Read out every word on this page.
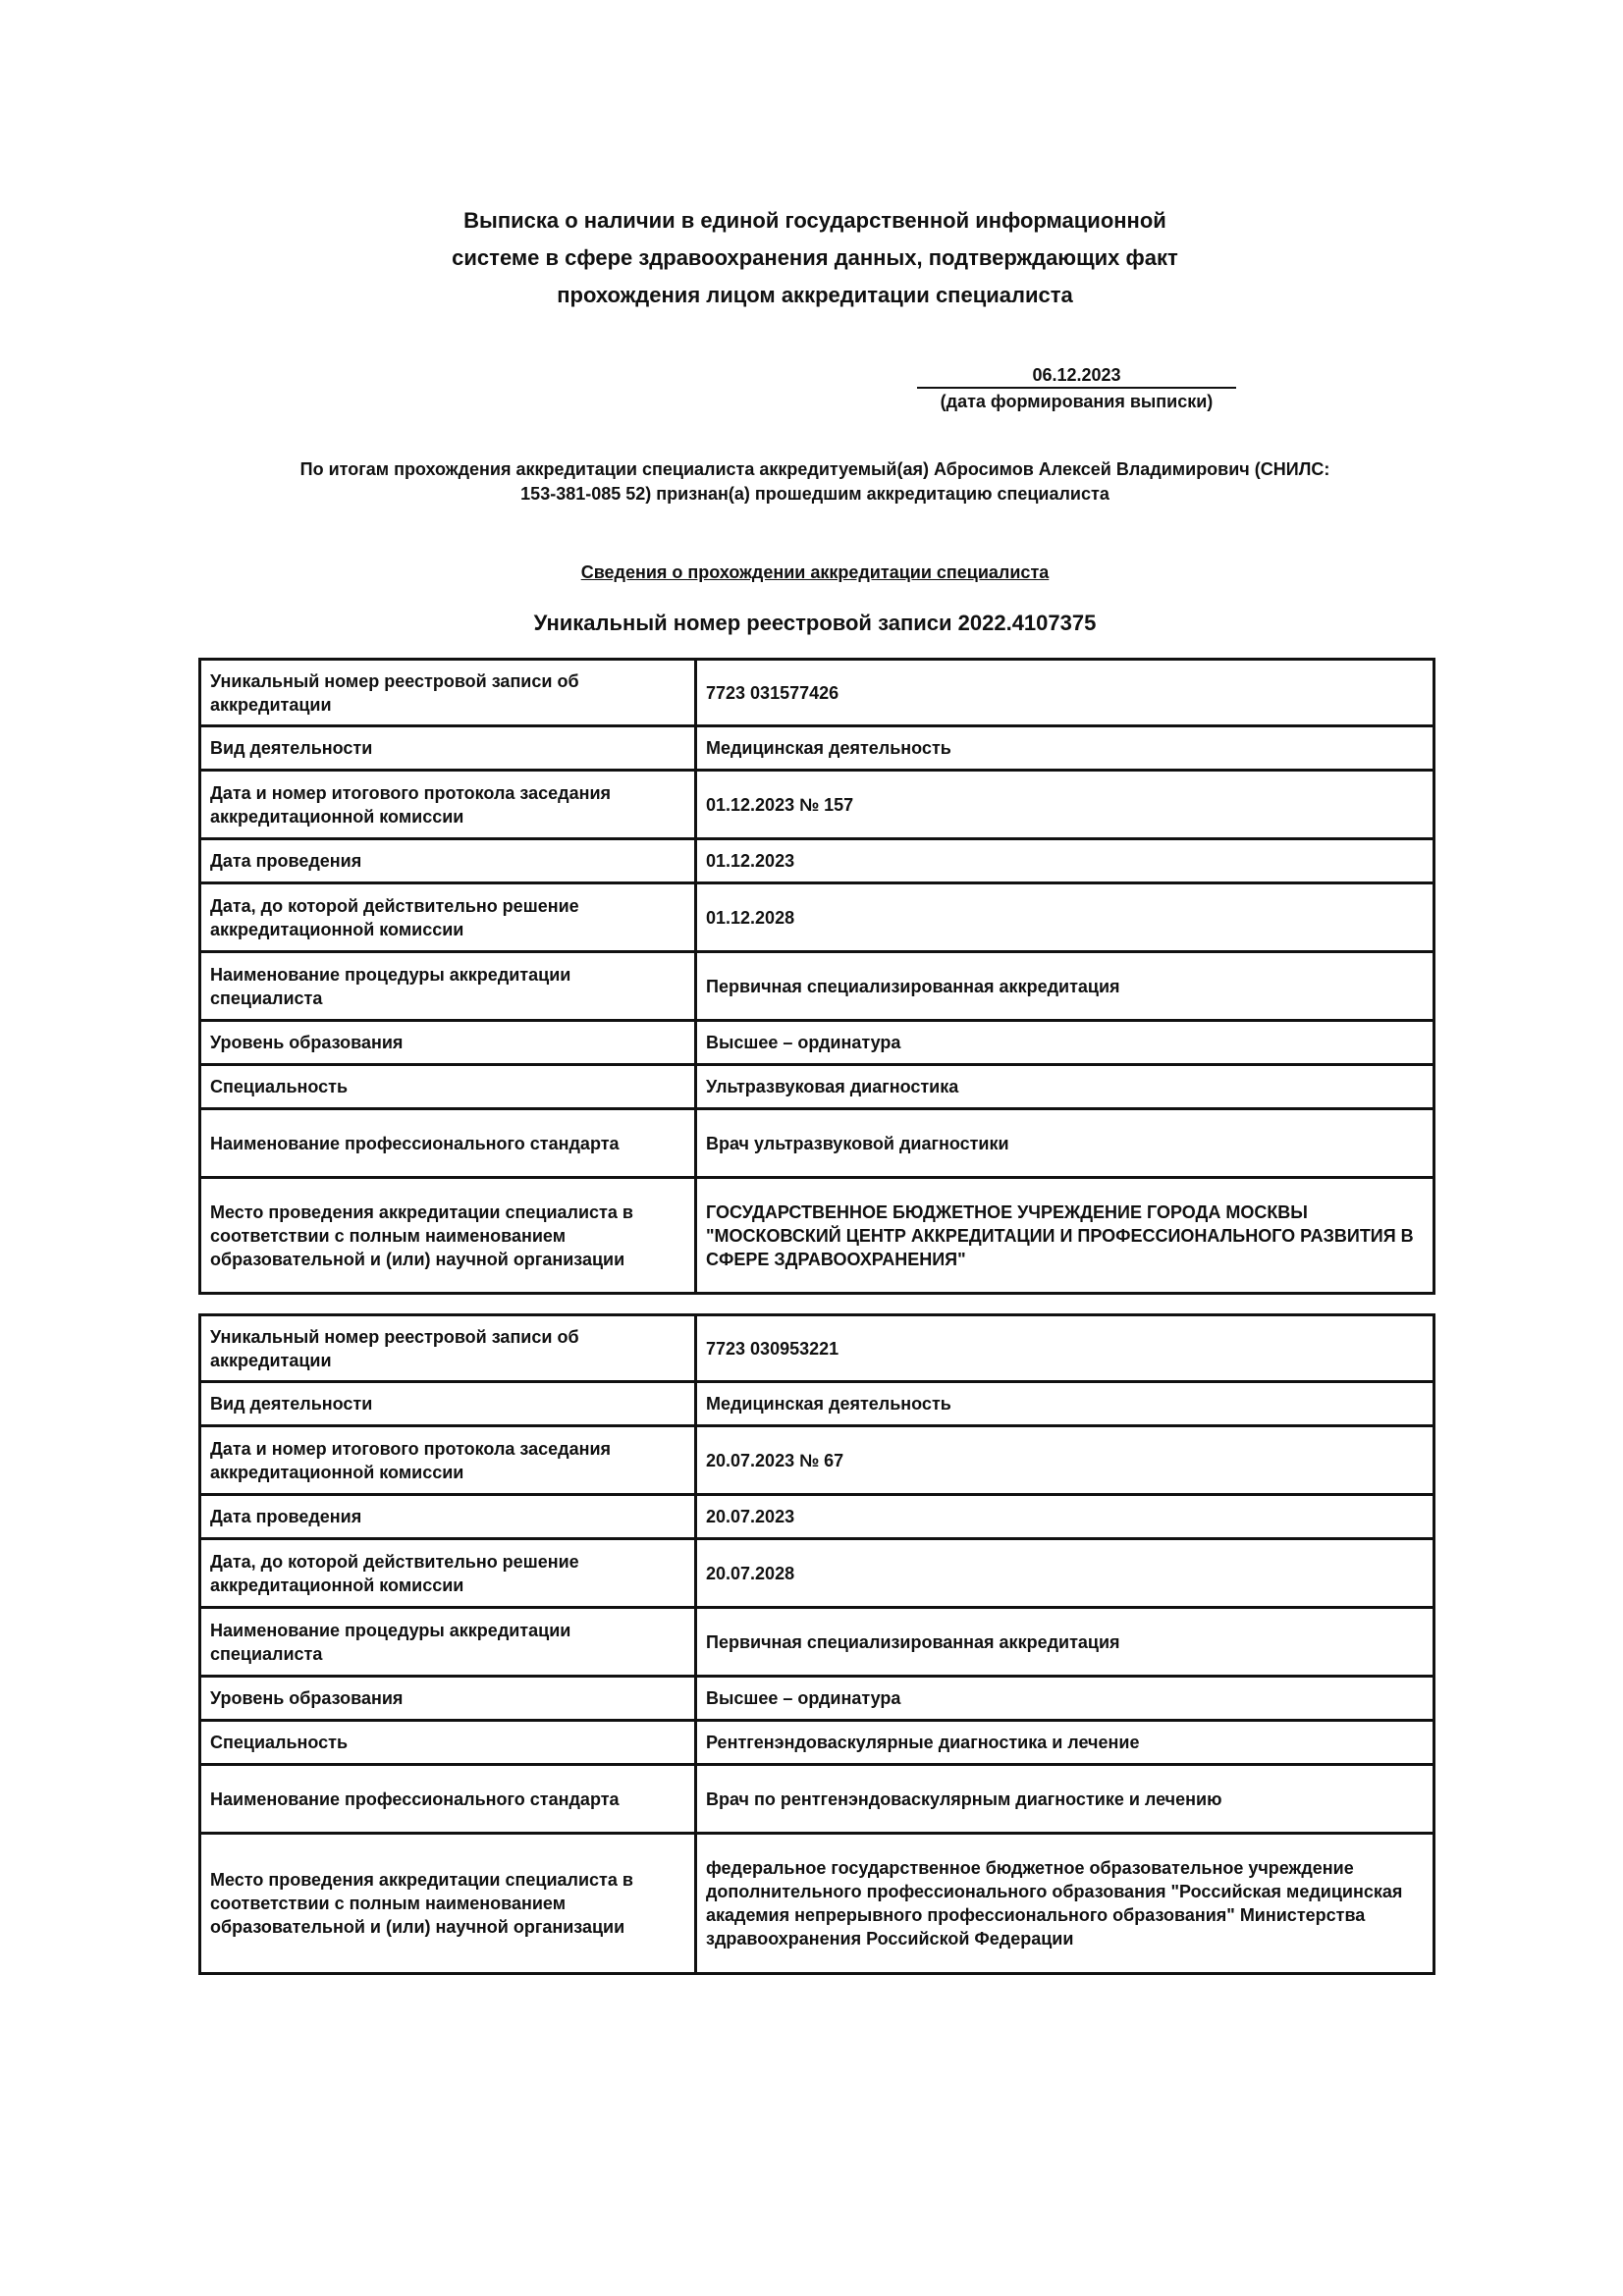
Выписка о наличии в единой государственной информационной
системе в сфере здравоохранения данных, подтверждающих факт
прохождения лицом аккредитации специалиста
06.12.2023
(дата формирования выписки)
По итогам прохождения аккредитации специалиста аккредитуемый(ая) Абросимов Алексей Владимирович (СНИЛС:
153-381-085 52) признан(а) прошедшим аккредитацию специалиста
Сведения о прохождении аккредитации специалиста
Уникальный номер реестровой записи 2022.4107375
Уникальный номер реестровой записи об аккредитации	7723 031577426
Вид деятельности	Медицинская деятельность
Дата и номер итогового протокола заседания аккредитационной комиссии	01.12.2023 № 157
Дата проведения	01.12.2023
Дата, до которой действительно решение аккредитационной комиссии	01.12.2028
Наименование процедуры аккредитации специалиста	Первичная специализированная аккредитация
Уровень образования	Высшее – ординатура
Специальность	Ультразвуковая диагностика
Наименование профессионального стандарта	Врач ультразвуковой диагностики
Место проведения аккредитации специалиста в соответствии с полным наименованием образовательной и (или) научной организации	ГОСУДАРСТВЕННОЕ БЮДЖЕТНОЕ УЧРЕЖДЕНИЕ ГОРОДА МОСКВЫ "МОСКОВСКИЙ ЦЕНТР АККРЕДИТАЦИИ И ПРОФЕССИОНАЛЬНОГО РАЗВИТИЯ В СФЕРЕ ЗДРАВООХРАНЕНИЯ"
Уникальный номер реестровой записи об аккредитации	7723 030953221
Вид деятельности	Медицинская деятельность
Дата и номер итогового протокола заседания аккредитационной комиссии	20.07.2023 № 67
Дата проведения	20.07.2023
Дата, до которой действительно решение аккредитационной комиссии	20.07.2028
Наименование процедуры аккредитации специалиста	Первичная специализированная аккредитация
Уровень образования	Высшее – ординатура
Специальность	Рентгенэндоваскулярные диагностика и лечение
Наименование профессионального стандарта	Врач по рентгенэндоваскулярным диагностике и лечению
Место проведения аккредитации специалиста в соответствии с полным наименованием образовательной и (или) научной организации	федеральное государственное бюджетное образовательное учреждение дополнительного профессионального образования "Российская медицинская академия непрерывного профессионального образования" Министерства здравоохранения Российской Федерации
